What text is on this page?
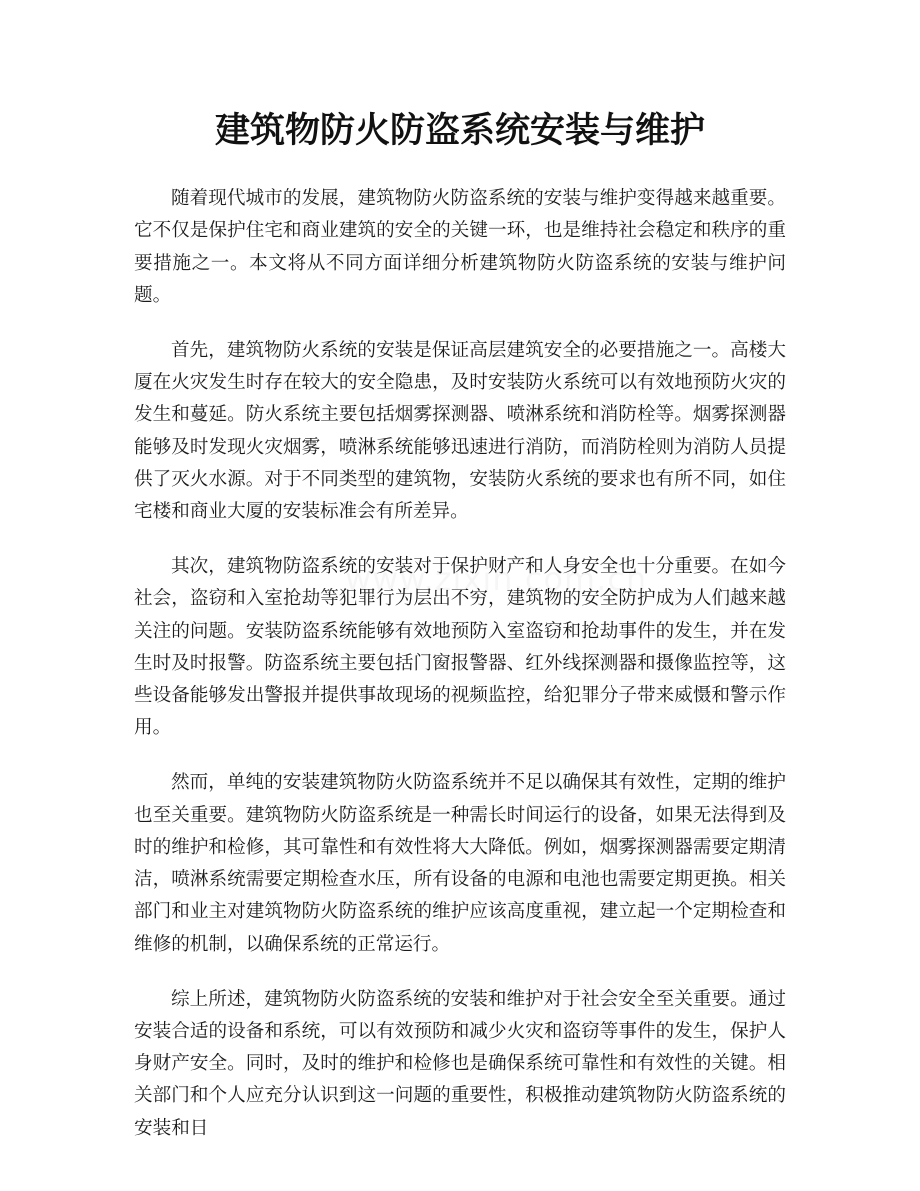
建筑物防火防盗系统安装与维护

随着现代城市的发展，建筑物防火防盗系统的安装与维护变得越来越重要。它不仅是保护住宅和商业建筑的安全的关键一环，也是维持社会稳定和秩序的重要措施之一。本文将从不同方面详细分析建筑物防火防盗系统的安装与维护问题。

首先，建筑物防火系统的安装是保证高层建筑安全的必要措施之一。高楼大厦在火灾发生时存在较大的安全隐患，及时安装防火系统可以有效地预防火灾的发生和蔓延。防火系统主要包括烟雾探测器、喷淋系统和消防栓等。烟雾探测器能够及时发现火灾烟雾，喷淋系统能够迅速进行消防，而消防栓则为消防人员提供了灭火水源。对于不同类型的建筑物，安装防火系统的要求也有所不同，如住宅楼和商业大厦的安装标准会有所差异。

其次，建筑物防盗系统的安装对于保护财产和人身安全也十分重要。在如今社会，盗窃和入室抢劫等犯罪行为层出不穷，建筑物的安全防护成为人们越来越关注的问题。安装防盗系统能够有效地预防入室盗窃和抢劫事件的发生，并在发生时及时报警。防盗系统主要包括门窗报警器、红外线探测器和摄像监控等，这些设备能够发出警报并提供事故现场的视频监控，给犯罪分子带来威慑和警示作用。

然而，单纯的安装建筑物防火防盗系统并不足以确保其有效性，定期的维护也至关重要。建筑物防火防盗系统是一种需长时间运行的设备，如果无法得到及时的维护和检修，其可靠性和有效性将大大降低。例如，烟雾探测器需要定期清洁，喷淋系统需要定期检查水压，所有设备的电源和电池也需要定期更换。相关部门和业主对建筑物防火防盗系统的维护应该高度重视，建立起一个定期检查和维修的机制，以确保系统的正常运行。

综上所述，建筑物防火防盗系统的安装和维护对于社会安全至关重要。通过安装合适的设备和系统，可以有效预防和减少火灾和盗窃等事件的发生，保护人身财产安全。同时，及时的维护和检修也是确保系统可靠性和有效性的关键。相关部门和个人应充分认识到这一问题的重要性，积极推动建筑物防火防盗系统的安装和日
